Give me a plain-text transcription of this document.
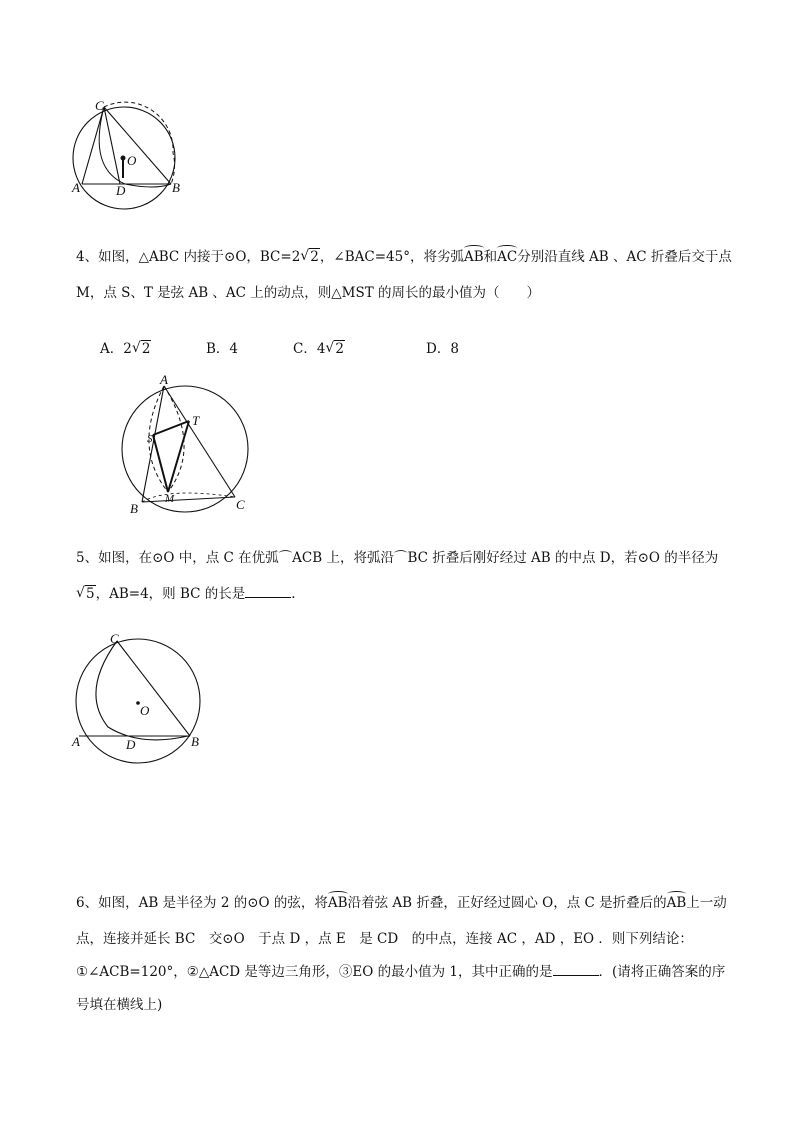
C
O
A	D	B
4、如图，△ABC 内接于⊙O，BC=2 √ 2，∠BAC=45°，将劣弧AB和AC分别沿直线 AB 、AC 折叠后交于点
M，点 S、T 是弦 AB 、AC 上的动点，则△MST 的周长的最小值为（　　）
A．2 √ 2	B．4	C．4 √ 2	D．8
A
T
S
M
B	C
5、如图，在⊙O 中，点 C 在优弧⌒ACB 上，将弧沿⌒BC 折叠后刚好经过 AB 的中点 D，若⊙O 的半径为
√ 5，AB=4，则 BC 的长是	.
C
O
A	D	B
6、如图，AB 是半径为 2 的⊙O 的弦，将AB沿着弦 AB 折叠，正好经过圆心 O，点 C 是折叠后的AB上一动
点，连接并延长 BC　交⊙O　于点 D ，点 E　是 CD　的中点，连接 AC ，AD ，EO ．则下列结论：
①∠ACB=120°，②△ACD 是等边三角形，③EO 的最小值为 1，其中正确的是	．(请将正确答案的序
号填在横线上)
